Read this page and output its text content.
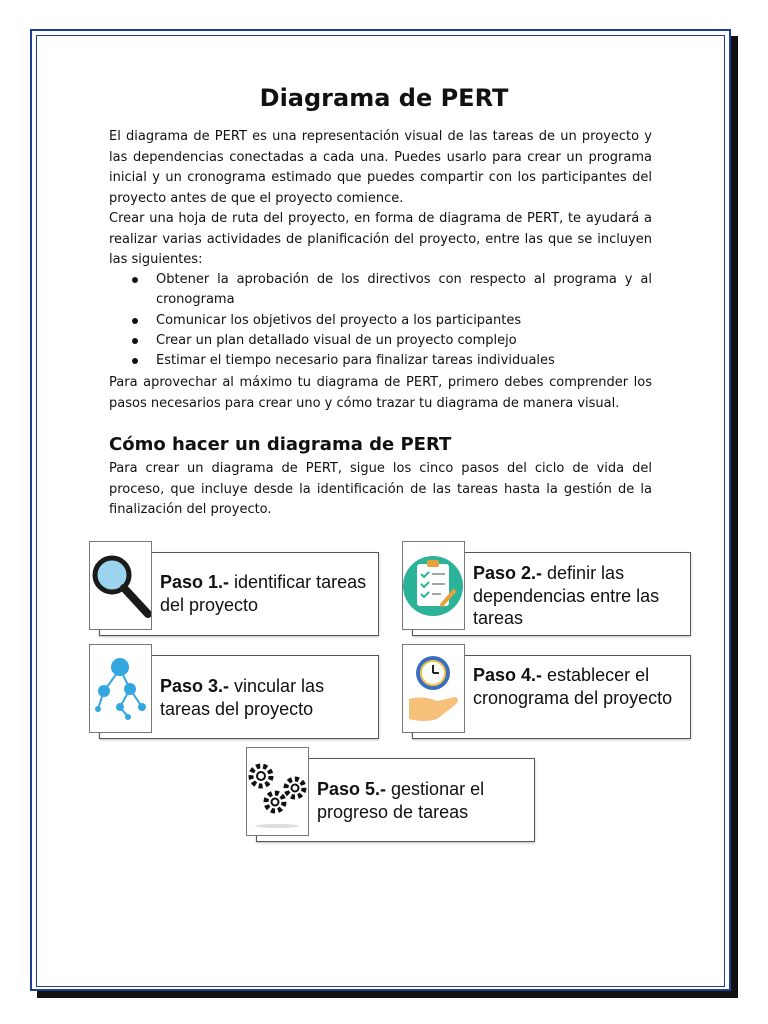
Diagrama de PERT

El diagrama de PERT es una representación visual de las tareas de un proyecto y las dependencias conectadas a cada una. Puedes usarlo para crear un programa inicial y un cronograma estimado que puedes compartir con los participantes del proyecto antes de que el proyecto comience.

Crear una hoja de ruta del proyecto, en forma de diagrama de PERT, te ayudará a realizar varias actividades de planificación del proyecto, entre las que se incluyen las siguientes:

Obtener la aprobación de los directivos con respecto al programa y al cronograma
Comunicar los objetivos del proyecto a los participantes
Crear un plan detallado visual de un proyecto complejo
Estimar el tiempo necesario para finalizar tareas individuales

Para aprovechar al máximo tu diagrama de PERT, primero debes comprender los pasos necesarios para crear uno y cómo trazar tu diagrama de manera visual.

Cómo hacer un diagrama de PERT

Para crear un diagrama de PERT, sigue los cinco pasos del ciclo de vida del proceso, que incluye desde la identificación de las tareas hasta la gestión de la finalización del proyecto.

Paso 1.- identificar tareas del proyecto
Paso 2.- definir las dependencias entre las tareas
Paso 3.- vincular las tareas del proyecto
Paso 4.- establecer el cronograma del proyecto
Paso 5.- gestionar el progreso de tareas
